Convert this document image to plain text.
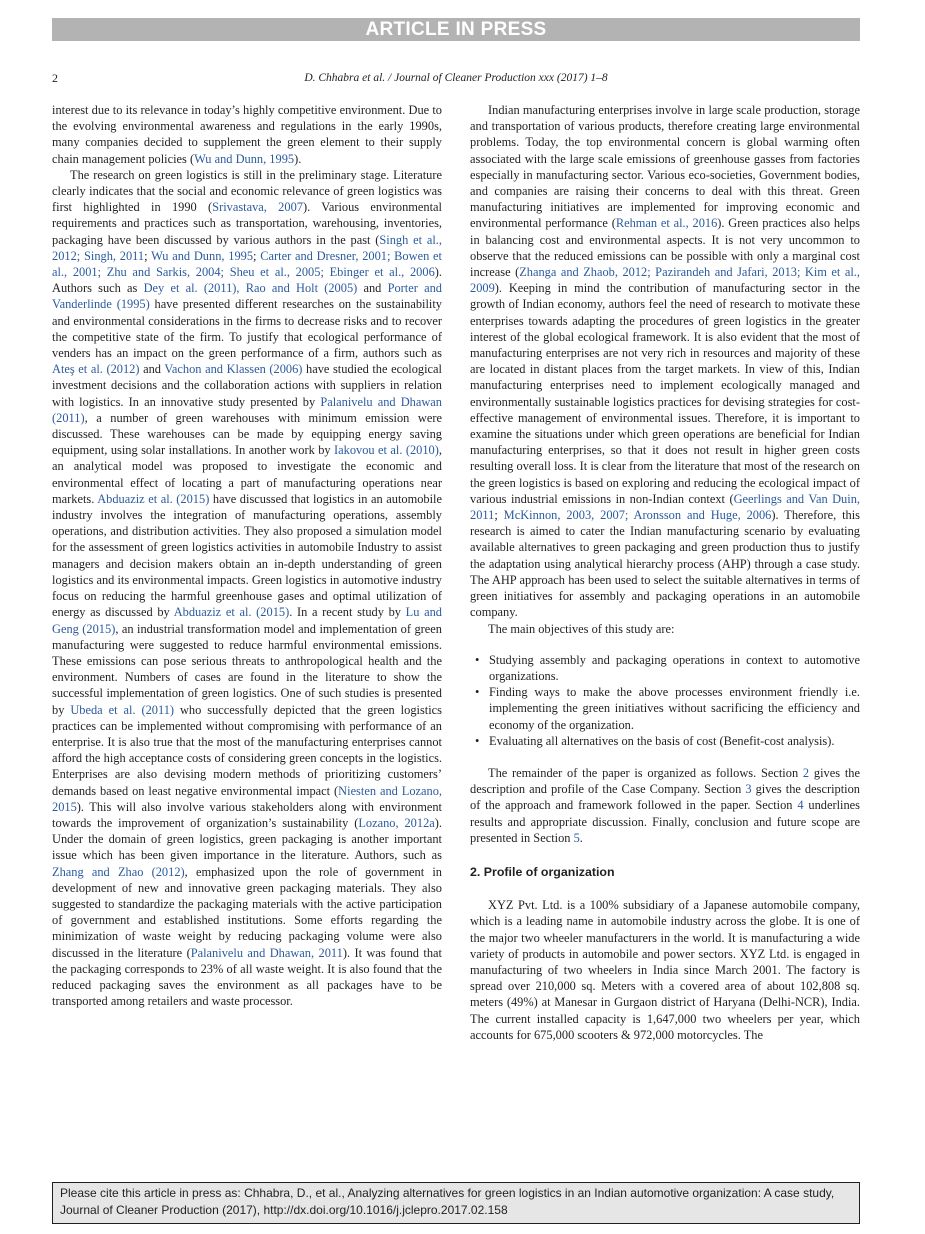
ARTICLE IN PRESS
2	D. Chhabra et al. / Journal of Cleaner Production xxx (2017) 1–8

interest due to its relevance in today’s highly competitive environment. Due to the evolving environmental awareness and regulations in the early 1990s, many companies decided to supplement the green element to their supply chain management policies (Wu and Dunn, 1995).

The research on green logistics is still in the preliminary stage. Literature clearly indicates that the social and economic relevance of green logistics was first highlighted in 1990 (Srivastava, 2007). Various environmental requirements and practices such as transportation, warehousing, inventories, packaging have been discussed by various authors in the past (Singh et al., 2012; Singh, 2011; Wu and Dunn, 1995; Carter and Dresner, 2001; Bowen et al., 2001; Zhu and Sarkis, 2004; Sheu et al., 2005; Ebinger et al., 2006). Authors such as Dey et al. (2011), Rao and Holt (2005) and Porter and Vanderlinde (1995) have presented different researches on the sustainability and environmental considerations in the firms to decrease risks and to recover the competitive state of the firm. To justify that ecological performance of venders has an impact on the green performance of a firm, authors such as Ateş et al. (2012) and Vachon and Klassen (2006) have studied the ecological investment decisions and the collaboration actions with suppliers in relation with logistics. In an innovative study presented by Palanivelu and Dhawan (2011), a number of green warehouses with minimum emission were discussed. These warehouses can be made by equipping energy saving equipment, using solar installations. In another work by Iakovou et al. (2010), an analytical model was proposed to investigate the economic and environmental effect of locating a part of manufacturing operations near markets. Abduaziz et al. (2015) have discussed that logistics in an automobile industry involves the integration of manufacturing operations, assembly operations, and distribution activities. They also proposed a simulation model for the assessment of green logistics activities in automobile Industry to assist managers and decision makers obtain an in-depth understanding of green logistics and its environmental impacts. Green logistics in automotive industry focus on reducing the harmful greenhouse gases and optimal utilization of energy as discussed by Abduaziz et al. (2015). In a recent study by Lu and Geng (2015), an industrial transformation model and implementation of green manufacturing were suggested to reduce harmful environmental emissions. These emissions can pose serious threats to anthropological health and the environment. Numbers of cases are found in the literature to show the successful implementation of green logistics. One of such studies is presented by Ubeda et al. (2011) who successfully depicted that the green logistics practices can be implemented without compromising with performance of an enterprise. It is also true that the most of the manufacturing enterprises cannot afford the high acceptance costs of considering green concepts in the logistics. Enterprises are also devising modern methods of prioritizing customers’ demands based on least negative environmental impact (Niesten and Lozano, 2015). This will also involve various stakeholders along with environment towards the improvement of organization’s sustainability (Lozano, 2012a). Under the domain of green logistics, green packaging is another important issue which has been given importance in the literature. Authors, such as Zhang and Zhao (2012), emphasized upon the role of government in development of new and innovative green packaging materials. They also suggested to standardize the packaging materials with the active participation of government and established institutions. Some efforts regarding the minimization of waste weight by reducing packaging volume were also discussed in the literature (Palanivelu and Dhawan, 2011). It was found that the packaging corresponds to 23% of all waste weight. It is also found that the reduced packaging saves the environment as all packages have to be transported among retailers and waste processor.

Indian manufacturing enterprises involve in large scale production, storage and transportation of various products, therefore creating large environmental problems. Today, the top environmental concern is global warming often associated with the large scale emissions of greenhouse gasses from factories especially in manufacturing sector. Various eco-societies, Government bodies, and companies are raising their concerns to deal with this threat. Green manufacturing initiatives are implemented for improving economic and environmental performance (Rehman et al., 2016). Green practices also helps in balancing cost and environmental aspects. It is not very uncommon to observe that the reduced emissions can be possible with only a marginal cost increase (Zhanga and Zhaob, 2012; Pazirandeh and Jafari, 2013; Kim et al., 2009). Keeping in mind the contribution of manufacturing sector in the growth of Indian economy, authors feel the need of research to motivate these enterprises towards adapting the procedures of green logistics in the greater interest of the global ecological framework. It is also evident that the most of manufacturing enterprises are not very rich in resources and majority of these are located in distant places from the target markets. In view of this, Indian manufacturing enterprises need to implement ecologically managed and environmentally sustainable logistics practices for devising strategies for cost-effective management of environmental issues. Therefore, it is important to examine the situations under which green operations are beneficial for Indian manufacturing enterprises, so that it does not result in higher green costs resulting overall loss. It is clear from the literature that most of the research on the green logistics is based on exploring and reducing the ecological impact of various industrial emissions in non-Indian context (Geerlings and Van Duin, 2011; McKinnon, 2003, 2007; Aronsson and Huge, 2006). Therefore, this research is aimed to cater the Indian manufacturing scenario by evaluating available alternatives to green packaging and green production thus to justify the adaptation using analytical hierarchy process (AHP) through a case study. The AHP approach has been used to select the suitable alternatives in terms of green initiatives for assembly and packaging operations in an automobile company.

The main objectives of this study are:

• Studying assembly and packaging operations in context to automotive organizations.
• Finding ways to make the above processes environment friendly i.e. implementing the green initiatives without sacrificing the efficiency and economy of the organization.
• Evaluating all alternatives on the basis of cost (Benefit-cost analysis).

The remainder of the paper is organized as follows. Section 2 gives the description and profile of the Case Company. Section 3 gives the description of the approach and framework followed in the paper. Section 4 underlines results and appropriate discussion. Finally, conclusion and future scope are presented in Section 5.

2. Profile of organization

XYZ Pvt. Ltd. is a 100% subsidiary of a Japanese automobile company, which is a leading name in automobile industry across the globe. It is one of the major two wheeler manufacturers in the world. It is manufacturing a wide variety of products in automobile and power sectors. XYZ Ltd. is engaged in manufacturing of two wheelers in India since March 2001. The factory is spread over 210,000 sq. Meters with a covered area of about 102,808 sq. meters (49%) at Manesar in Gurgaon district of Haryana (Delhi-NCR), India. The current installed capacity is 1,647,000 two wheelers per year, which accounts for 675,000 scooters & 972,000 motorcycles. The

Please cite this article in press as: Chhabra, D., et al., Analyzing alternatives for green logistics in an Indian automotive organization: A case study, Journal of Cleaner Production (2017), http://dx.doi.org/10.1016/j.jclepro.2017.02.158
